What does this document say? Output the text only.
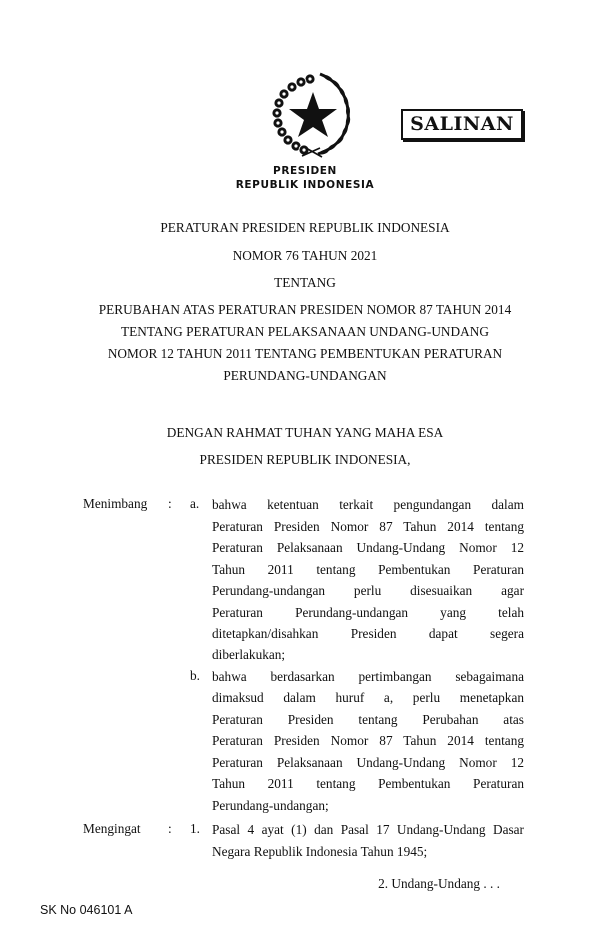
SALINAN
PRESIDEN
REPUBLIK INDONESIA
PERATURAN PRESIDEN REPUBLIK INDONESIA
NOMOR 76 TAHUN 2021
TENTANG
PERUBAHAN ATAS PERATURAN PRESIDEN NOMOR 87 TAHUN 2014
TENTANG PERATURAN PELAKSANAAN UNDANG-UNDANG
NOMOR 12 TAHUN 2011 TENTANG PEMBENTUKAN PERATURAN
PERUNDANG-UNDANGAN
DENGAN RAHMAT TUHAN YANG MAHA ESA
PRESIDEN REPUBLIK INDONESIA,
Menimbang : a. bahwa ketentuan terkait pengundangan dalam
Peraturan Presiden Nomor 87 Tahun 2014 tentang
Peraturan Pelaksanaan Undang-Undang Nomor 12
Tahun 2011 tentang Pembentukan Peraturan
Perundang-undangan perlu disesuaikan agar
Peraturan Perundang-undangan yang telah
ditetapkan/disahkan Presiden dapat segera
diberlakukan;
b. bahwa berdasarkan pertimbangan sebagaimana
dimaksud dalam huruf a, perlu menetapkan
Peraturan Presiden tentang Perubahan atas
Peraturan Presiden Nomor 87 Tahun 2014 tentang
Peraturan Pelaksanaan Undang-Undang Nomor 12
Tahun 2011 tentang Pembentukan Peraturan
Perundang-undangan;
Mengingat : 1. Pasal 4 ayat (1) dan Pasal 17 Undang-Undang Dasar
Negara Republik Indonesia Tahun 1945;
2. Undang-Undang . . .
SK No 046101 A
